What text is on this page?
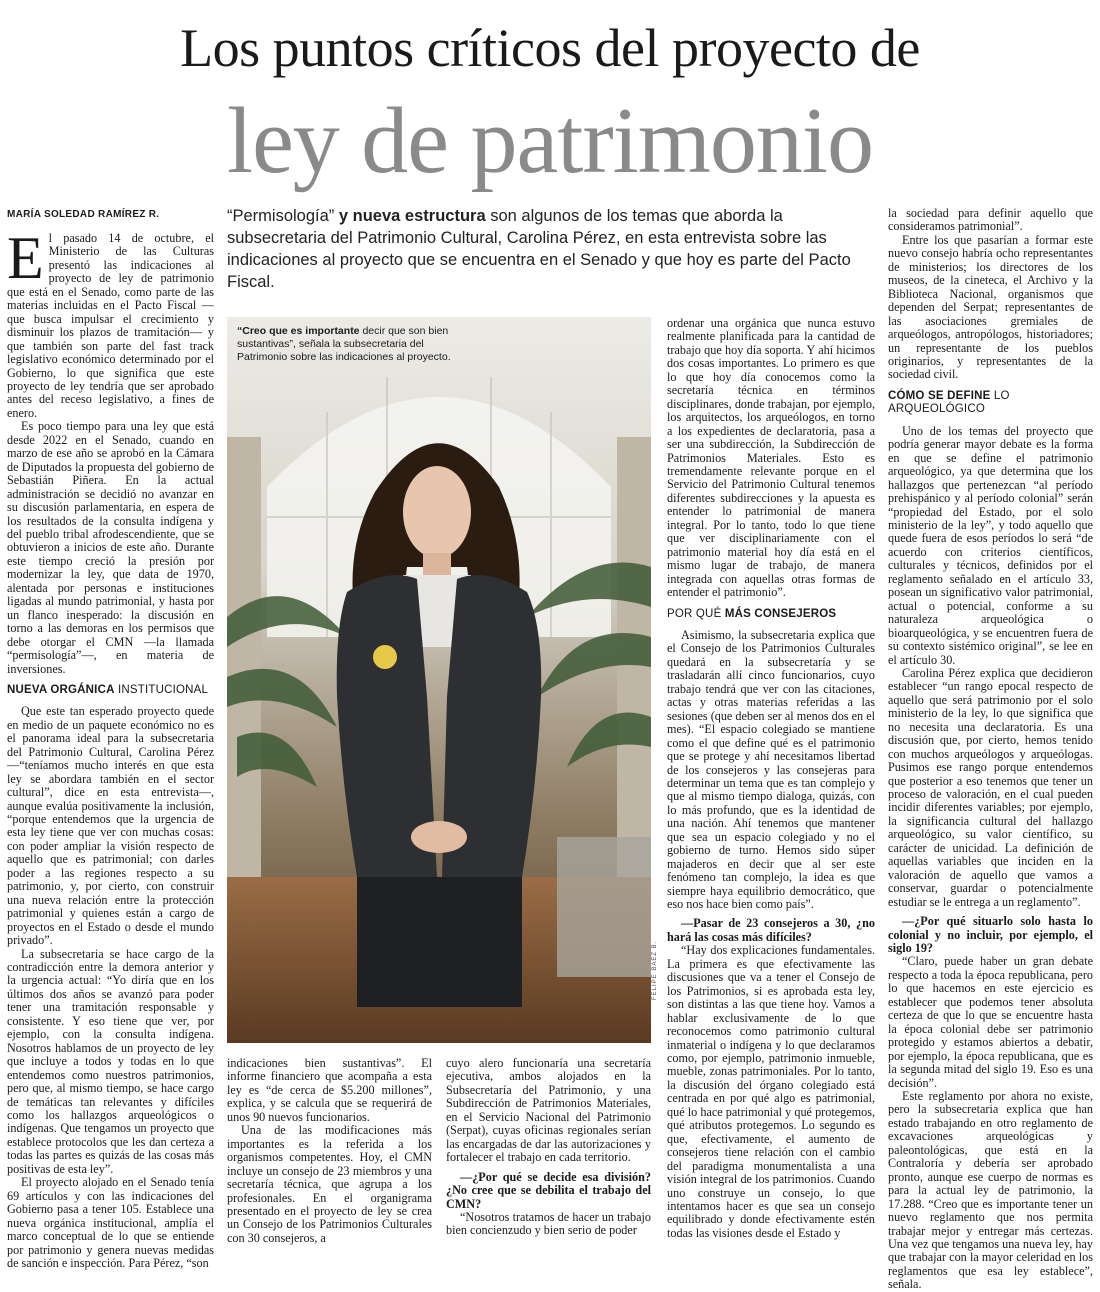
Los puntos críticos del proyecto de
ley de patrimonio
MARÍA SOLEDAD RAMÍREZ R.	“Permisología” y nueva estructura son algunos de los temas que aborda la subsecretaria del Patrimonio Cultural, Carolina Pérez, en esta entrevista sobre las indicaciones al proyecto que se encuentra en el Senado y que hoy es parte del Pacto Fiscal.

El pasado 14 de octubre, el Ministerio de las Culturas presentó las indicaciones al proyecto de ley de patrimonio que está en el Senado, como parte de las materias incluidas en el Pacto Fiscal —que busca impulsar el crecimiento y disminuir los plazos de tramitación— y que también son parte del fast track legislativo económico determinado por el Gobierno, lo que significa que este proyecto de ley tendría que ser aprobado antes del receso legislativo, a fines de enero.

Es poco tiempo para una ley que está desde 2022 en el Senado, cuando en marzo de ese año se aprobó en la Cámara de Diputados la propuesta del gobierno de Sebastián Piñera. En la actual administración se decidió no avanzar en su discusión parlamentaria, en espera de los resultados de la consulta indígena y del pueblo tribal afrodescendiente, que se obtuvieron a inicios de este año. Durante este tiempo creció la presión por modernizar la ley, que data de 1970, alentada por personas e instituciones ligadas al mundo patrimonial, y hasta por un flanco inesperado: la discusión en torno a las demoras en los permisos que debe otorgar el CMN —la llamada “permisología”—, en materia de inversiones.

NUEVA ORGÁNICA INSTITUCIONAL

Que este tan esperado proyecto quede en medio de un paquete económico no es el panorama ideal para la subsecretaria del Patrimonio Cultural, Carolina Pérez —“teníamos mucho interés en que esta ley se abordara también en el sector cultural”, dice en esta entrevista—, aunque evalúa positivamente la inclusión, “porque entendemos que la urgencia de esta ley tiene que ver con muchas cosas: con poder ampliar la visión respecto de aquello que es patrimonial; con darles poder a las regiones respecto a su patrimonio, y, por cierto, con construir una nueva relación entre la protección patrimonial y quienes están a cargo de proyectos en el Estado o desde el mundo privado”.

La subsecretaria se hace cargo de la contradicción entre la demora anterior y la urgencia actual: “Yo diría que en los últimos dos años se avanzó para poder tener una tramitación responsable y consistente. Y eso tiene que ver, por ejemplo, con la consulta indígena. Nosotros hablamos de un proyecto de ley que incluye a todos y todas en lo que entendemos como nuestros patrimonios, pero que, al mismo tiempo, se hace cargo de temáticas tan relevantes y difíciles como los hallazgos arqueológicos o indígenas. Que tengamos un proyecto que establece protocolos que les dan certeza a todas las partes es quizás de las cosas más positivas de esta ley”.

El proyecto alojado en el Senado tenía 69 artículos y con las indicaciones del Gobierno pasa a tener 105. Establece una nueva orgánica institucional, amplía el marco conceptual de lo que se entiende por patrimonio y genera nuevas medidas de sanción e inspección. Para Pérez, “son

“Creo que es importante decir que son bien sustantivas”, señala la subsecretaria del Patrimonio sobre las indicaciones al proyecto.
FELIPE BAEZ B.

indicaciones bien sustantivas”. El informe financiero que acompaña a esta ley es “de cerca de $5.200 millones”, explica, y se calcula que se requerirá de unos 90 nuevos funcionarios.

Una de las modificaciones más importantes es la referida a los organismos competentes. Hoy, el CMN incluye un consejo de 23 miembros y una secretaría técnica, que agrupa a los profesionales. En el organigrama presentado en el proyecto de ley se crea un Consejo de los Patrimonios Culturales con 30 consejeros, a

cuyo alero funcionaría una secretaría ejecutiva, ambos alojados en la Subsecretaría del Patrimonio, y una Subdirección de Patrimonios Materiales, en el Servicio Nacional del Patrimonio (Serpat), cuyas oficinas regionales serían las encargadas de dar las autorizaciones y fortalecer el trabajo en cada territorio.

—¿Por qué se decide esa división? ¿No cree que se debilita el trabajo del CMN?

“Nosotros tratamos de hacer un trabajo bien concienzudo y bien serio de poder

ordenar una orgánica que nunca estuvo realmente planificada para la cantidad de trabajo que hoy día soporta. Y ahí hicimos dos cosas importantes. Lo primero es que lo que hoy día conocemos como la secretaría técnica en términos disciplinares, donde trabajan, por ejemplo, los arquitectos, los arqueólogos, en torno a los expedientes de declaratoria, pasa a ser una subdirección, la Subdirección de Patrimonios Materiales. Esto es tremendamente relevante porque en el Servicio del Patrimonio Cultural tenemos diferentes subdirecciones y la apuesta es entender lo patrimonial de manera integral. Por lo tanto, todo lo que tiene que ver disciplinariamente con el patrimonio material hoy día está en el mismo lugar de trabajo, de manera integrada con aquellas otras formas de entender el patrimonio”.

POR QUÉ MÁS CONSEJEROS

Asimismo, la subsecretaria explica que el Consejo de los Patrimonios Culturales quedará en la subsecretaría y se trasladarán allí cinco funcionarios, cuyo trabajo tendrá que ver con las citaciones, actas y otras materias referidas a las sesiones (que deben ser al menos dos en el mes). “El espacio colegiado se mantiene como el que define qué es el patrimonio que se protege y ahí necesitamos libertad de los consejeros y las consejeras para determinar un tema que es tan complejo y que al mismo tiempo dialoga, quizás, con lo más profundo, que es la identidad de una nación. Ahí tenemos que mantener que sea un espacio colegiado y no el gobierno de turno. Hemos sido súper majaderos en decir que al ser este fenómeno tan complejo, la idea es que siempre haya equilibrio democrático, que eso nos hace bien como país”.

—Pasar de 23 consejeros a 30, ¿no hará las cosas más difíciles?

“Hay dos explicaciones fundamentales. La primera es que efectivamente las discusiones que va a tener el Consejo de los Patrimonios, si es aprobada esta ley, son distintas a las que tiene hoy. Vamos a hablar exclusivamente de lo que reconocemos como patrimonio cultural inmaterial o indígena y lo que declaramos como, por ejemplo, patrimonio inmueble, mueble, zonas patrimoniales. Por lo tanto, la discusión del órgano colegiado está centrada en por qué algo es patrimonial, qué lo hace patrimonial y qué protegemos, qué atributos protegemos. Lo segundo es que, efectivamente, el aumento de consejeros tiene relación con el cambio del paradigma monumentalista a una visión integral de los patrimonios. Cuando uno construye un consejo, lo que intentamos hacer es que sea un consejo equilibrado y donde efectivamente estén todas las visiones desde el Estado y

la sociedad para definir aquello que consideramos patrimonial”.

Entre los que pasarían a formar este nuevo consejo habría ocho representantes de ministerios; los directores de los museos, de la cineteca, el Archivo y la Biblioteca Nacional, organismos que dependen del Serpat; representantes de las asociaciones gremiales de arqueólogos, antropólogos, historiadores; un representante de los pueblos originarios, y representantes de la sociedad civil.

CÓMO SE DEFINE LO ARQUEOLÓGICO

Uno de los temas del proyecto que podría generar mayor debate es la forma en que se define el patrimonio arqueológico, ya que determina que los hallazgos que pertenezcan “al período prehispánico y al período colonial” serán “propiedad del Estado, por el solo ministerio de la ley”, y todo aquello que quede fuera de esos períodos lo será “de acuerdo con criterios científicos, culturales y técnicos, definidos por el reglamento señalado en el artículo 33, posean un significativo valor patrimonial, actual o potencial, conforme a su naturaleza arqueológica o bioarqueológica, y se encuentren fuera de su contexto sistémico original”, se lee en el artículo 30.

Carolina Pérez explica que decidieron establecer “un rango epocal respecto de aquello que será patrimonio por el solo ministerio de la ley, lo que significa que no necesita una declaratoria. Es una discusión que, por cierto, hemos tenido con muchos arqueólogos y arqueólogas. Pusimos ese rango porque entendemos que posterior a eso tenemos que tener un proceso de valoración, en el cual pueden incidir diferentes variables; por ejemplo, la significancia cultural del hallazgo arqueológico, su valor científico, su carácter de unicidad. La definición de aquellas variables que inciden en la valoración de aquello que vamos a conservar, guardar o potencialmente estudiar se le entrega a un reglamento”.

—¿Por qué situarlo solo hasta lo colonial y no incluir, por ejemplo, el siglo 19?

“Claro, puede haber un gran debate respecto a toda la época republicana, pero lo que hacemos en este ejercicio es establecer que podemos tener absoluta certeza de que lo que se encuentre hasta la época colonial debe ser patrimonio protegido y estamos abiertos a debatir, por ejemplo, la época republicana, que es la segunda mitad del siglo 19. Eso es una decisión”.

Este reglamento por ahora no existe, pero la subsecretaria explica que han estado trabajando en otro reglamento de excavaciones arqueológicas y paleontológicas, que está en la Contraloría y debería ser aprobado pronto, aunque ese cuerpo de normas es para la actual ley de patrimonio, la 17.288. “Creo que es importante tener un nuevo reglamento que nos permita trabajar mejor y entregar más certezas. Una vez que tengamos una nueva ley, hay que trabajar con la mayor celeridad en los reglamentos que esa ley establece”, señala.
